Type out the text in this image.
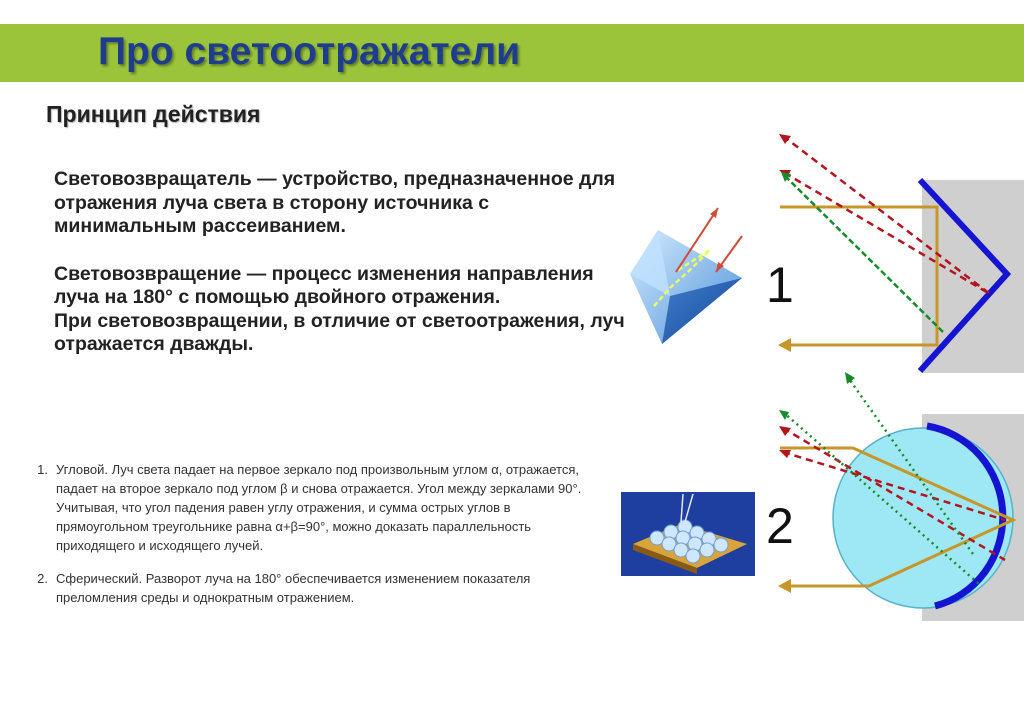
Про светоотражатели
Принцип действия

Световозвращатель — устройство, предназначенное для отражения луча света в сторону источника с минимальным рассеиванием.

Световозвращение — процесс изменения направления луча на 180° с помощью двойного отражения.

При световозвращении, в отличие от светоотражения, луч отражается дважды.

1. Угловой. Луч света падает на первое зеркало под произвольным углом α, отражается, падает на второе зеркало под углом β и снова отражается. Угол между зеркалами 90°. Учитывая, что угол падения равен углу отражения, и сумма острых углов в прямоугольном треугольнике равна α+β=90°, можно доказать параллельность приходящего и исходящего лучей.
2. Сферический. Разворот луча на 180° обеспечивается изменением показателя преломления среды и однократным отражением.
1
2
